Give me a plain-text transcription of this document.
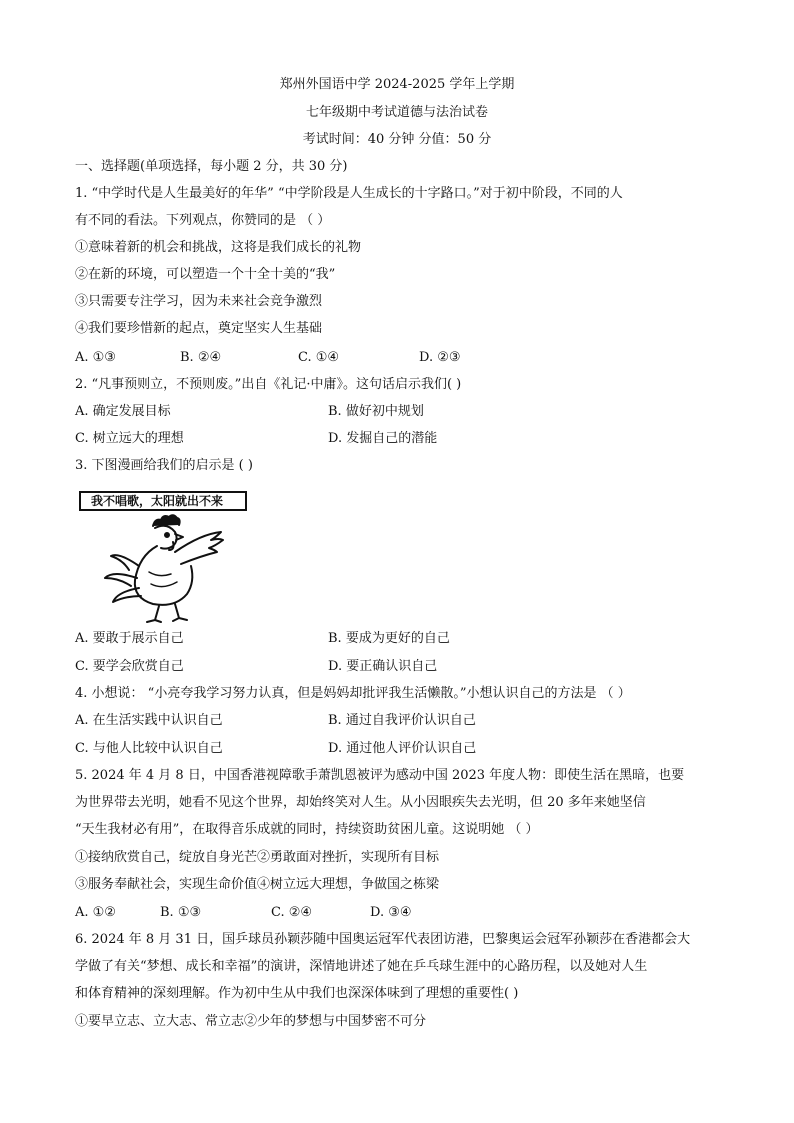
郑州外国语中学 2024-2025 学年上学期
七年级期中考试道德与法治试卷
考试时间：40 分钟 分值：50 分
一、选择题(单项选择，每小题 2 分，共 30 分)
1. “中学时代是人生最美好的年华” “中学阶段是人生成长的十字路口。”对于初中阶段，不同的人
有不同的看法。下列观点，你赞同的是 （ ）
①意味着新的机会和挑战，这将是我们成长的礼物
②在新的环境，可以塑造一个十全十美的“我”
③只需要专注学习，因为未来社会竞争激烈
④我们要珍惜新的起点，奠定坚实人生基础
A. ①③	B. ②④	C. ①④	D. ②③
2. “凡事预则立，不预则废。”出自《礼记·中庸》。这句话启示我们( )
A. 确定发展目标	B. 做好初中规划
C. 树立远大的理想	D. 发掘自己的潜能
3. 下图漫画给我们的启示是 ( )
我不唱歌，太阳就出不来
A. 要敢于展示自己	B. 要成为更好的自己
C. 要学会欣赏自己	D. 要正确认识自己
4. 小想说： “小亮夸我学习努力认真，但是妈妈却批评我生活懒散。”小想认识自己的方法是 （ ）
A. 在生活实践中认识自己	B. 通过自我评价认识自己
C. 与他人比较中认识自己	D. 通过他人评价认识自己
5. 2024 年 4 月 8 日，中国香港视障歌手萧凯恩被评为感动中国 2023 年度人物：即使生活在黑暗，也要
为世界带去光明，她看不见这个世界，却始终笑对人生。从小因眼疾失去光明，但 20 多年来她坚信
“天生我材必有用”，在取得音乐成就的同时，持续资助贫困儿童。这说明她 （ ）
①接纳欣赏自己，绽放自身光芒②勇敢面对挫折，实现所有目标
③服务奉献社会，实现生命价值④树立远大理想，争做国之栋梁
A. ①②	B. ①③	C. ②④	D. ③④
6. 2024 年 8 月 31 日，国乒球员孙颖莎随中国奥运冠军代表团访港，巴黎奥运会冠军孙颖莎在香港都会大
学做了有关“梦想、成长和幸福”的演讲，深情地讲述了她在乒乓球生涯中的心路历程，以及她对人生
和体育精神的深刻理解。作为初中生从中我们也深深体味到了理想的重要性( )
①要早立志、立大志、常立志②少年的梦想与中国梦密不可分
